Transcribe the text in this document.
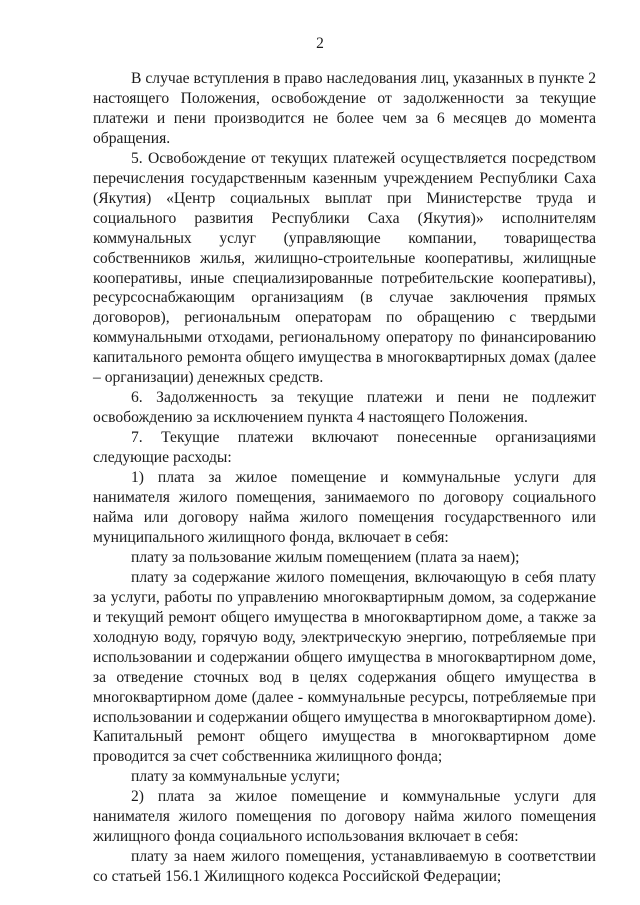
2

В случае вступления в право наследования лиц, указанных в пункте 2 настоящего Положения, освобождение от задолженности за текущие платежи и пени производится не более чем за 6 месяцев до момента обращения.

5. Освобождение от текущих платежей осуществляется посредством перечисления государственным казенным учреждением Республики Саха (Якутия) «Центр социальных выплат при Министерстве труда и социального развития Республики Саха (Якутия)» исполнителям коммунальных услуг (управляющие компании, товарищества собственников жилья, жилищно-строительные кооперативы, жилищные кооперативы, иные специализированные потребительские кооперативы), ресурсоснабжающим организациям (в случае заключения прямых договоров), региональным операторам по обращению с твердыми коммунальными отходами, региональному оператору по финансированию капитального ремонта общего имущества в многоквартирных домах (далее – организации) денежных средств.

6. Задолженность за текущие платежи и пени не подлежит освобождению за исключением пункта 4 настоящего Положения.

7. Текущие платежи включают понесенные организациями следующие расходы:

1) плата за жилое помещение и коммунальные услуги для нанимателя жилого помещения, занимаемого по договору социального найма или договору найма жилого помещения государственного или муниципального жилищного фонда, включает в себя:

плату за пользование жилым помещением (плата за наем);

плату за содержание жилого помещения, включающую в себя плату за услуги, работы по управлению многоквартирным домом, за содержание и текущий ремонт общего имущества в многоквартирном доме, а также за холодную воду, горячую воду, электрическую энергию, потребляемые при использовании и содержании общего имущества в многоквартирном доме, за отведение сточных вод в целях содержания общего имущества в многоквартирном доме (далее - коммунальные ресурсы, потребляемые при использовании и содержании общего имущества в многоквартирном доме). Капитальный ремонт общего имущества в многоквартирном доме проводится за счет собственника жилищного фонда;

плату за коммунальные услуги;

2) плата за жилое помещение и коммунальные услуги для нанимателя жилого помещения по договору найма жилого помещения жилищного фонда социального использования включает в себя:

плату за наем жилого помещения, устанавливаемую в соответствии со статьей 156.1 Жилищного кодекса Российской Федерации;
